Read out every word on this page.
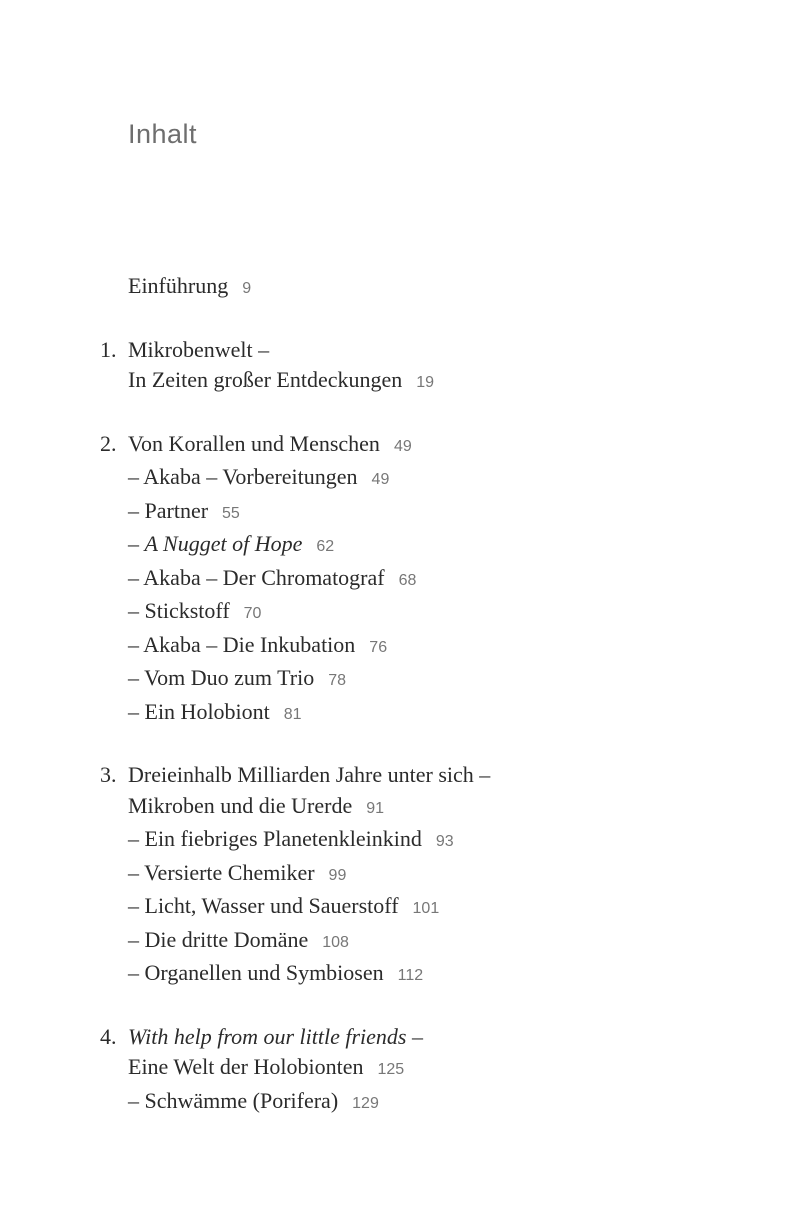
Inhalt
Einführung 9
1. Mikrobenwelt –
In Zeiten großer Entdeckungen 19
2. Von Korallen und Menschen 49
– Akaba – Vorbereitungen 49
– Partner 55
– A Nugget of Hope 62
– Akaba – Der Chromatograf 68
– Stickstoff 70
– Akaba – Die Inkubation 76
– Vom Duo zum Trio 78
– Ein Holobiont 81
3. Dreieinhalb Milliarden Jahre unter sich –
Mikroben und die Urerde 91
– Ein fiebriges Planetenkleinkind 93
– Versierte Chemiker 99
– Licht, Wasser und Sauerstoff 101
– Die dritte Domäne 108
– Organellen und Symbiosen 112
4. With help from our little friends –
Eine Welt der Holobionten 125
– Schwämme (Porifera) 129
